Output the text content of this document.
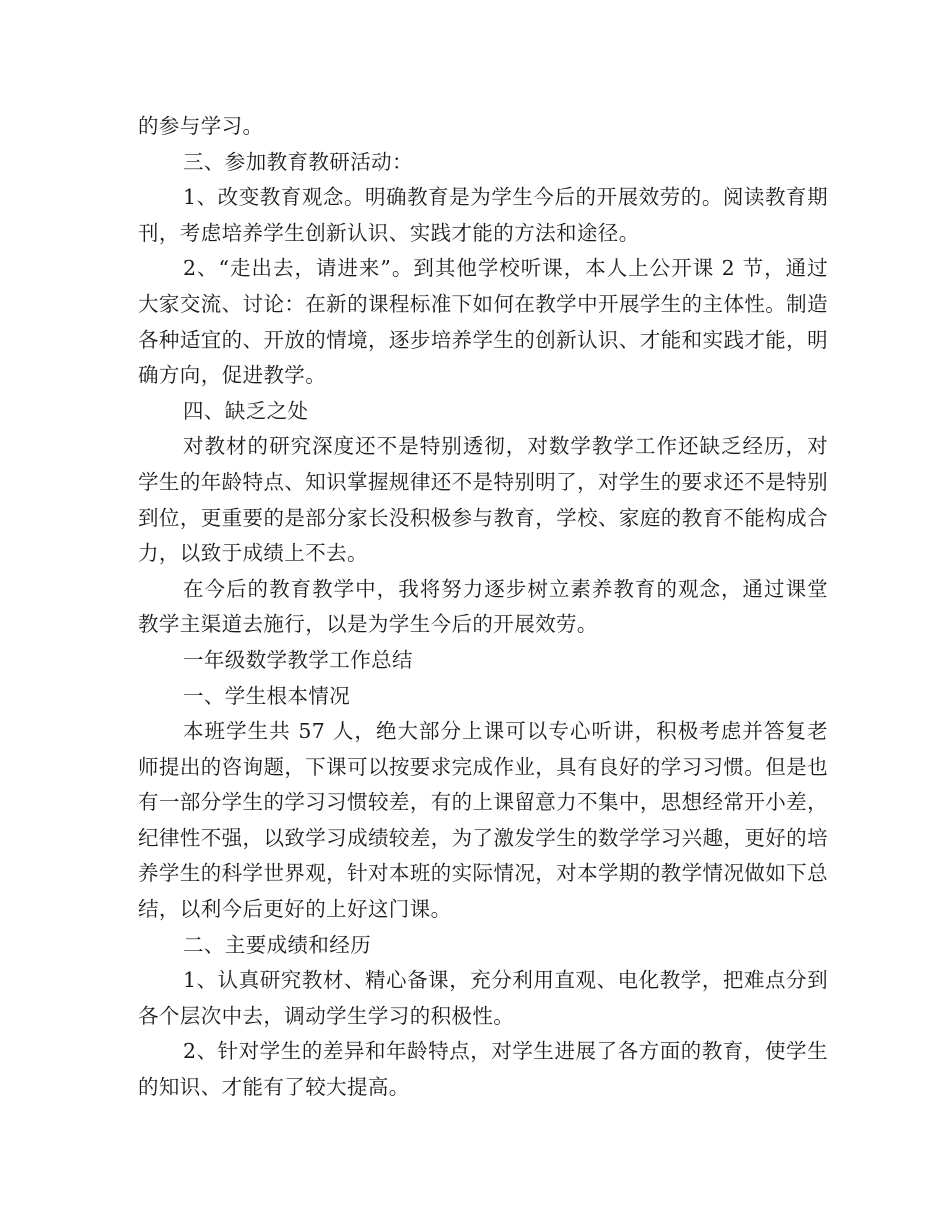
的参与学习。

三、参加教育教研活动：

1、改变教育观念。明确教育是为学生今后的开展效劳的。阅读教育期刊，考虑培养学生创新认识、实践才能的方法和途径。

2、“走出去，请进来”。到其他学校听课，本人上公开课 2 节，通过大家交流、讨论：在新的课程标准下如何在教学中开展学生的主体性。制造各种适宜的、开放的情境，逐步培养学生的创新认识、才能和实践才能，明确方向，促进教学。

四、缺乏之处

对教材的研究深度还不是特别透彻，对数学教学工作还缺乏经历，对学生的年龄特点、知识掌握规律还不是特别明了，对学生的要求还不是特别到位，更重要的是部分家长没积极参与教育，学校、家庭的教育不能构成合力，以致于成绩上不去。

在今后的教育教学中，我将努力逐步树立素养教育的观念，通过课堂教学主渠道去施行，以是为学生今后的开展效劳。

一年级数学教学工作总结

一、学生根本情况

本班学生共 57 人，绝大部分上课可以专心听讲，积极考虑并答复老师提出的咨询题，下课可以按要求完成作业，具有良好的学习习惯。但是也有一部分学生的学习习惯较差，有的上课留意力不集中，思想经常开小差，纪律性不强，以致学习成绩较差，为了激发学生的数学学习兴趣，更好的培养学生的科学世界观，针对本班的实际情况，对本学期的教学情况做如下总结，以利今后更好的上好这门课。

二、主要成绩和经历

1、认真研究教材、精心备课，充分利用直观、电化教学，把难点分到各个层次中去，调动学生学习的积极性。

2、针对学生的差异和年龄特点，对学生进展了各方面的教育，使学生的知识、才能有了较大提高。
